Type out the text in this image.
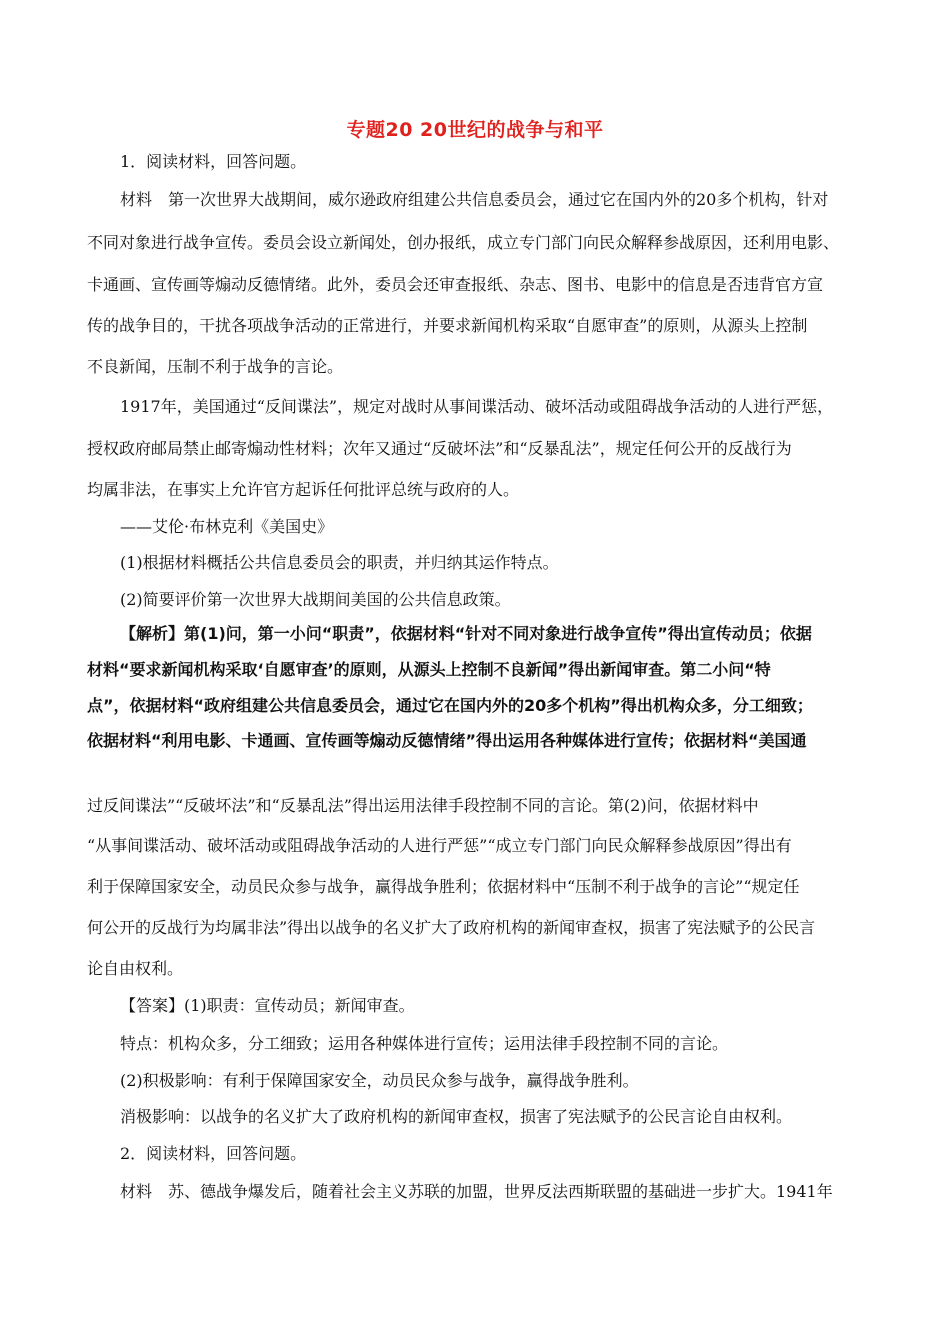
专题20 20世纪的战争与和平
1．阅读材料，回答问题。
材料　第一次世界大战期间，威尔逊政府组建公共信息委员会，通过它在国内外的20多个机构，针对
不同对象进行战争宣传。委员会设立新闻处，创办报纸，成立专门部门向民众解释参战原因，还利用电影、
卡通画、宣传画等煽动反德情绪。此外，委员会还审查报纸、杂志、图书、电影中的信息是否违背官方宣
传的战争目的，干扰各项战争活动的正常进行，并要求新闻机构采取“自愿审查”的原则，从源头上控制
不良新闻，压制不利于战争的言论。
1917年，美国通过“反间谍法”，规定对战时从事间谍活动、破坏活动或阻碍战争活动的人进行严惩，
授权政府邮局禁止邮寄煽动性材料；次年又通过“反破坏法”和“反暴乱法”，规定任何公开的反战行为
均属非法，在事实上允许官方起诉任何批评总统与政府的人。
——艾伦·布林克利《美国史》
(1)根据材料概括公共信息委员会的职责，并归纳其运作特点。
(2)简要评价第一次世界大战期间美国的公共信息政策。
【解析】第(1)问，第一小问“职责”，依据材料“针对不同对象进行战争宣传”得出宣传动员；依据
材料“要求新闻机构采取‘自愿审查’的原则，从源头上控制不良新闻”得出新闻审查。第二小问“特
点”，依据材料“政府组建公共信息委员会，通过它在国内外的20多个机构”得出机构众多，分工细致；
依据材料“利用电影、卡通画、宣传画等煽动反德情绪”得出运用各种媒体进行宣传；依据材料“美国通
过反间谍法”“反破坏法”和“反暴乱法”得出运用法律手段控制不同的言论。第(2)问，依据材料中
“从事间谍活动、破坏活动或阻碍战争活动的人进行严惩”“成立专门部门向民众解释参战原因”得出有
利于保障国家安全，动员民众参与战争，赢得战争胜利；依据材料中“压制不利于战争的言论”“规定任
何公开的反战行为均属非法”得出以战争的名义扩大了政府机构的新闻审查权，损害了宪法赋予的公民言
论自由权利。
【答案】(1)职责：宣传动员；新闻审查。
特点：机构众多，分工细致；运用各种媒体进行宣传；运用法律手段控制不同的言论。
(2)积极影响：有利于保障国家安全，动员民众参与战争，赢得战争胜利。
消极影响：以战争的名义扩大了政府机构的新闻审查权，损害了宪法赋予的公民言论自由权利。
2．阅读材料，回答问题。
材料　苏、德战争爆发后，随着社会主义苏联的加盟，世界反法西斯联盟的基础进一步扩大。1941年
